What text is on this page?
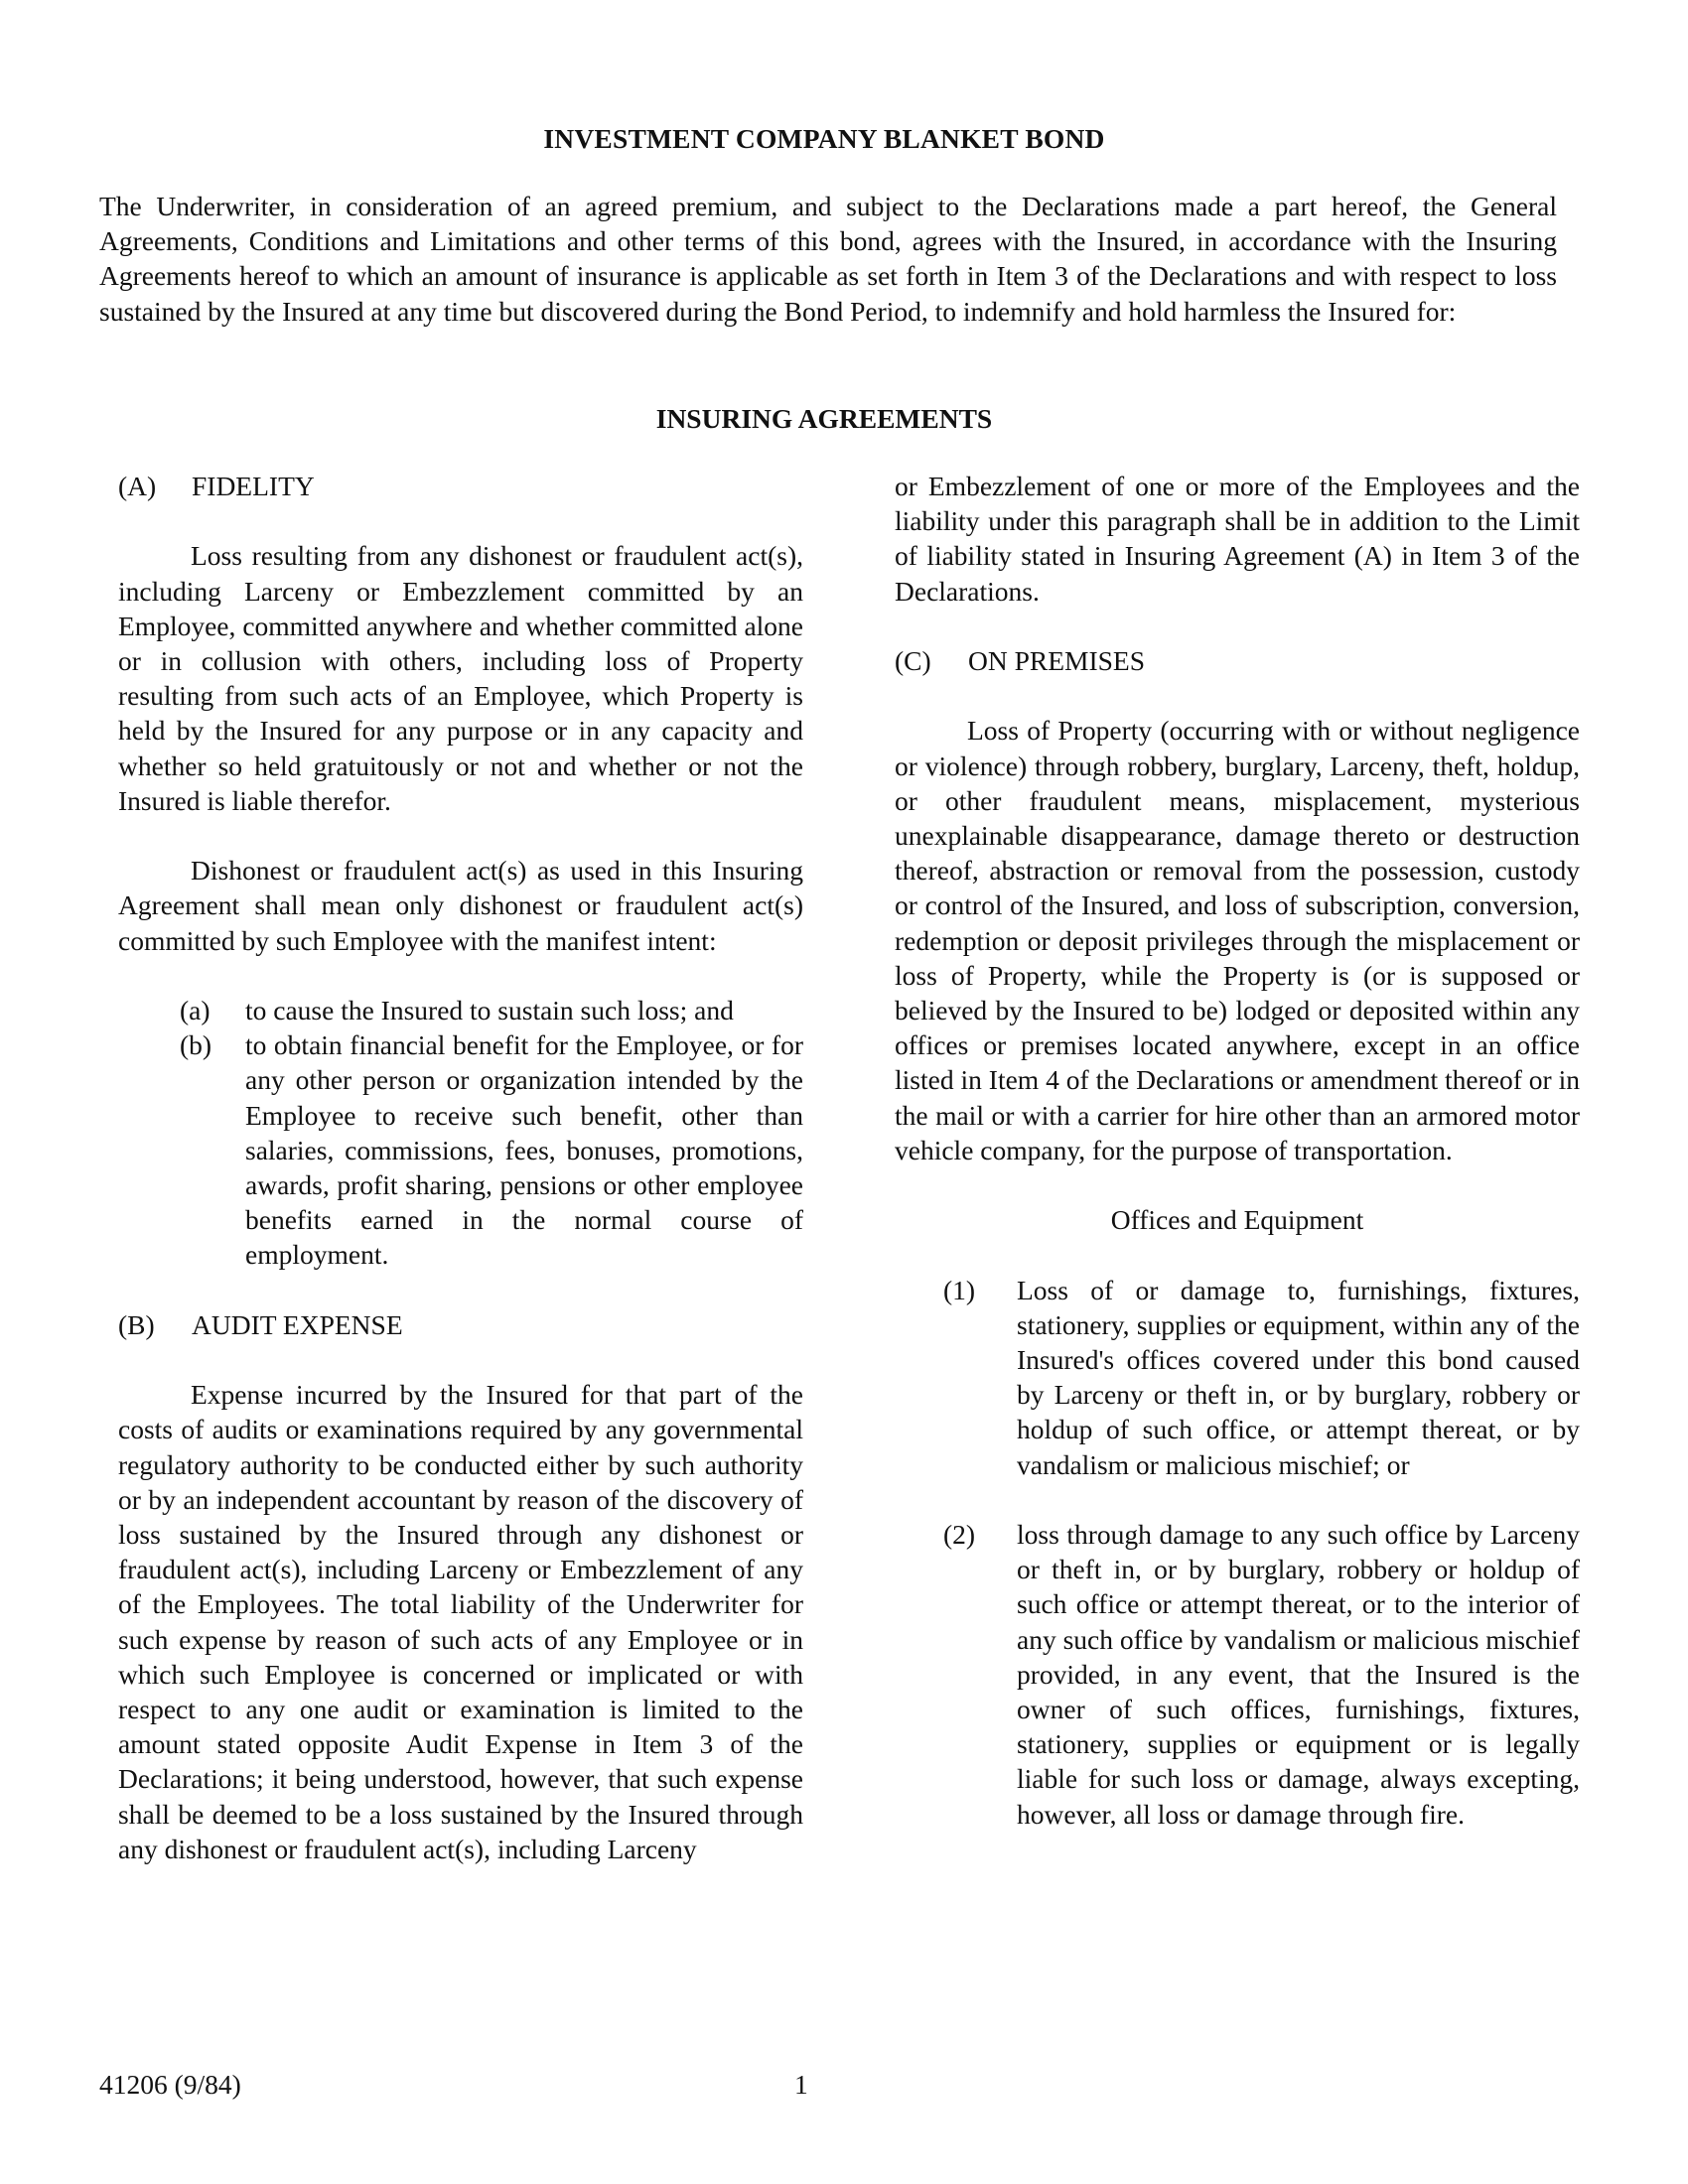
INVESTMENT COMPANY BLANKET BOND

The Underwriter, in consideration of an agreed premium, and subject to the Declarations made a part hereof, the General Agreements, Conditions and Limitations and other terms of this bond, agrees with the Insured, in accordance with the Insuring Agreements hereof to which an amount of insurance is applicable as set forth in Item 3 of the Declarations and with respect to loss sustained by the Insured at any time but discovered during the Bond Period, to indemnify and hold harmless the Insured for:

INSURING AGREEMENTS

(A) FIDELITY

Loss resulting from any dishonest or fraudulent act(s), including Larceny or Embezzlement committed by an Employee, committed anywhere and whether committed alone or in collusion with others, including loss of Property resulting from such acts of an Employee, which Property is held by the Insured for any purpose or in any capacity and whether so held gratuitously or not and whether or not the Insured is liable therefor.

Dishonest or fraudulent act(s) as used in this Insuring Agreement shall mean only dishonest or fraudulent act(s) committed by such Employee with the manifest intent:

(a)	to cause the Insured to sustain such loss; and
(b)	to obtain financial benefit for the Employee, or for any other person or organization intended by the Employee to receive such benefit, other than salaries, commissions, fees, bonuses, promotions, awards, profit sharing, pensions or other employee benefits earned in the normal course of employment.

(B) AUDIT EXPENSE

Expense incurred by the Insured for that part of the costs of audits or examinations required by any governmental regulatory authority to be conducted either by such authority or by an independent accountant by reason of the discovery of loss sustained by the Insured through any dishonest or fraudulent act(s), including Larceny or Embezzlement of any of the Employees. The total liability of the Underwriter for such expense by reason of such acts of any Employee or in which such Employee is concerned or implicated or with respect to any one audit or examination is limited to the amount stated opposite Audit Expense in Item 3 of the Declarations; it being understood, however, that such expense shall be deemed to be a loss sustained by the Insured through any dishonest or fraudulent act(s), including Larceny

or Embezzlement of one or more of the Employees and the liability under this paragraph shall be in addition to the Limit of liability stated in Insuring Agreement (A) in Item 3 of the Declarations.

(C) ON PREMISES

Loss of Property (occurring with or without negligence or violence) through robbery, burglary, Larceny, theft, holdup, or other fraudulent means, misplacement, mysterious unexplainable disappearance, damage thereto or destruction thereof, abstraction or removal from the possession, custody or control of the Insured, and loss of subscription, conversion, redemption or deposit privileges through the misplacement or loss of Property, while the Property is (or is supposed or believed by the Insured to be) lodged or deposited within any offices or premises located anywhere, except in an office listed in Item 4 of the Declarations or amendment thereof or in the mail or with a carrier for hire other than an armored motor vehicle company, for the purpose of transportation.

Offices and Equipment

(1)	Loss of or damage to, furnishings, fixtures, stationery, supplies or equipment, within any of the Insured's offices covered under this bond caused by Larceny or theft in, or by burglary, robbery or holdup of such office, or attempt thereat, or by vandalism or malicious mischief; or
(2)	loss through damage to any such office by Larceny or theft in, or by burglary, robbery or holdup of such office or attempt thereat, or to the interior of any such office by vandalism or malicious mischief provided, in any event, that the Insured is the owner of such offices, furnishings, fixtures, stationery, supplies or equipment or is legally liable for such loss or damage, always excepting, however, all loss or damage through fire.
41206 (9/84)	1
